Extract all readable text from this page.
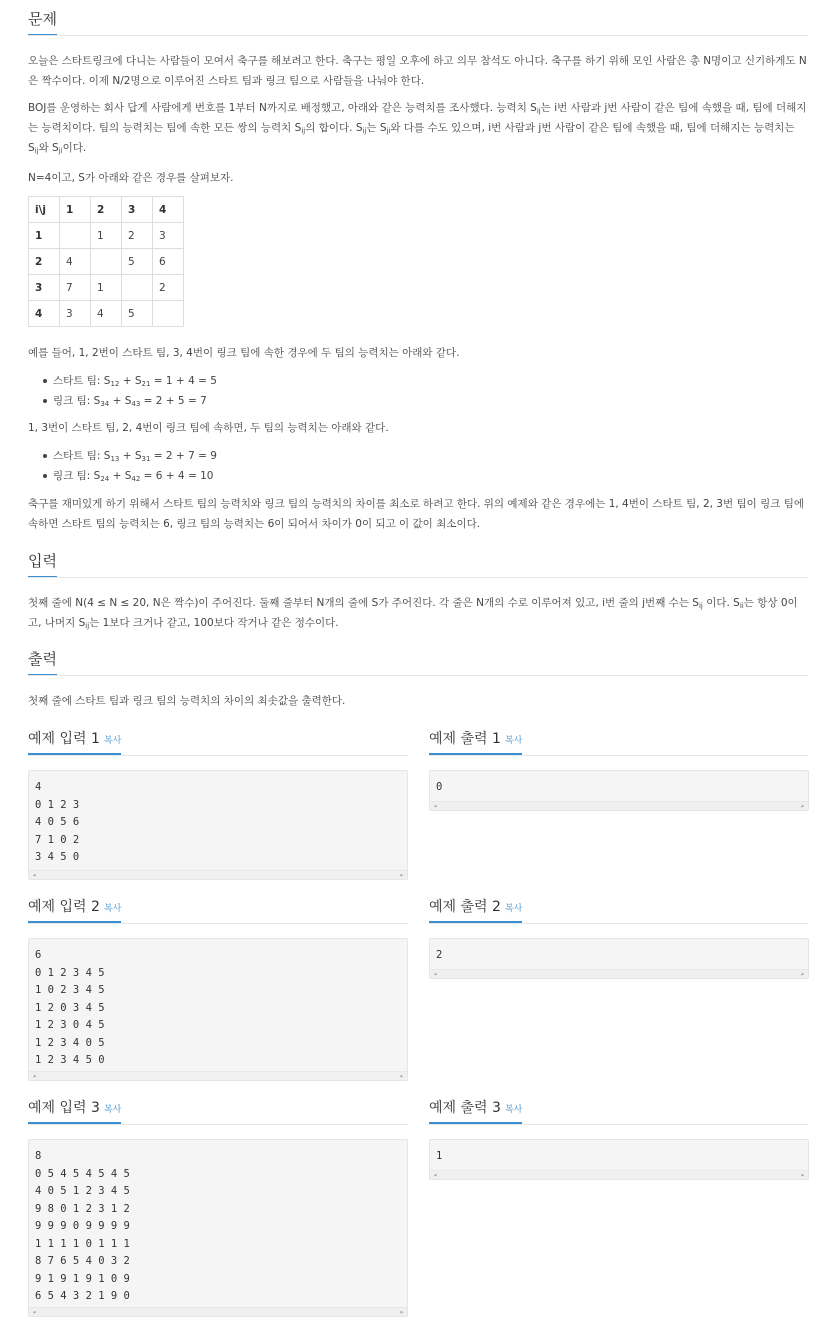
문제
오늘은 스타트링크에 다니는 사람들이 모여서 축구를 해보려고 한다. 축구는 평일 오후에 하고 의무 참석도 아니다. 축구를 하기 위해 모인 사람은 총 N명이고 신기하게도 N은 짝수이다. 이제 N/2명으로 이루어진 스타트 팀과 링크 팀으로 사람들을 나눠야 한다.
BOJ를 운영하는 회사 답게 사람에게 번호를 1부터 N까지로 배정했고, 아래와 같은 능력치를 조사했다. 능력치 $S_{ij}$는 i번 사람과 j번 사람이 같은 팀에 속했을 때, 팀에 더해지는 능력치이다. 팀의 능력치는 팀에 속한 모든 쌍의 능력치 $S_{ij}$의 합이다. $S_{ij}$는 $S_{ji}$와 다를 수도 있으며, i번 사람과 j번 사람이 같은 팀에 속했을 때, 팀에 더해지는 능력치는 $S_{ij}$와 $S_{ji}$이다.
N=4이고, S가 아래와 같은 경우를 살펴보자.
i\j	1	2	3	4
1		1	2	3
2	4		5	6
3	7	1		2
4	3	4	5	
예를 들어, 1, 2번이 스타트 팀, 3, 4번이 링크 팀에 속한 경우에 두 팀의 능력치는 아래와 같다.
스타트 팀: $S_{12} + S_{21} = 1 + 4 = 5$
링크 팀: $S_{34} + S_{43} = 2 + 5 = 7$
1, 3번이 스타트 팀, 2, 4번이 링크 팀에 속하면, 두 팀의 능력치는 아래와 같다.
스타트 팀: $S_{13} + S_{31} = 2 + 7 = 9$
링크 팀: $S_{24} + S_{42} = 6 + 4 = 10$
축구를 재미있게 하기 위해서 스타트 팀의 능력치와 링크 팀의 능력치의 차이를 최소로 하려고 한다. 위의 예제와 같은 경우에는 1, 4번이 스타트 팀, 2, 3번 팀이 링크 팀에 속하면 스타트 팀의 능력치는 6, 링크 팀의 능력치는 6이 되어서 차이가 0이 되고 이 값이 최소이다.
입력
첫째 줄에 N(4 ≤ N ≤ 20, N은 짝수)이 주어진다. 둘째 줄부터 N개의 줄에 S가 주어진다. 각 줄은 N개의 수로 이루어져 있고, i번 줄의 j번째 수는 $S_{ij}$ 이다. $S_{ii}$는 항상 0이고, 나머지 $S_{ij}$는 1보다 크거나 같고, 100보다 작거나 같은 정수이다.
출력
첫째 줄에 스타트 팀과 링크 팀의 능력치의 차이의 최솟값을 출력한다.
예제 입력 1 복사	예제 출력 1 복사
4
0 1 2 3
4 0 5 6
7 1 0 2
3 4 5 0
◂	▸
0
◂	▸
예제 입력 2 복사	예제 출력 2 복사
6
0 1 2 3 4 5
1 0 2 3 4 5
1 2 0 3 4 5
1 2 3 0 4 5
1 2 3 4 0 5
1 2 3 4 5 0
◂	▸
2
◂	▸
예제 입력 3 복사	예제 출력 3 복사
8
0 5 4 5 4 5 4 5
4 0 5 1 2 3 4 5
9 8 0 1 2 3 1 2
9 9 9 0 9 9 9 9
1 1 1 1 0 1 1 1
8 7 6 5 4 0 3 2
9 1 9 1 9 1 0 9
6 5 4 3 2 1 9 0
◂	▸
1
◂	▸
